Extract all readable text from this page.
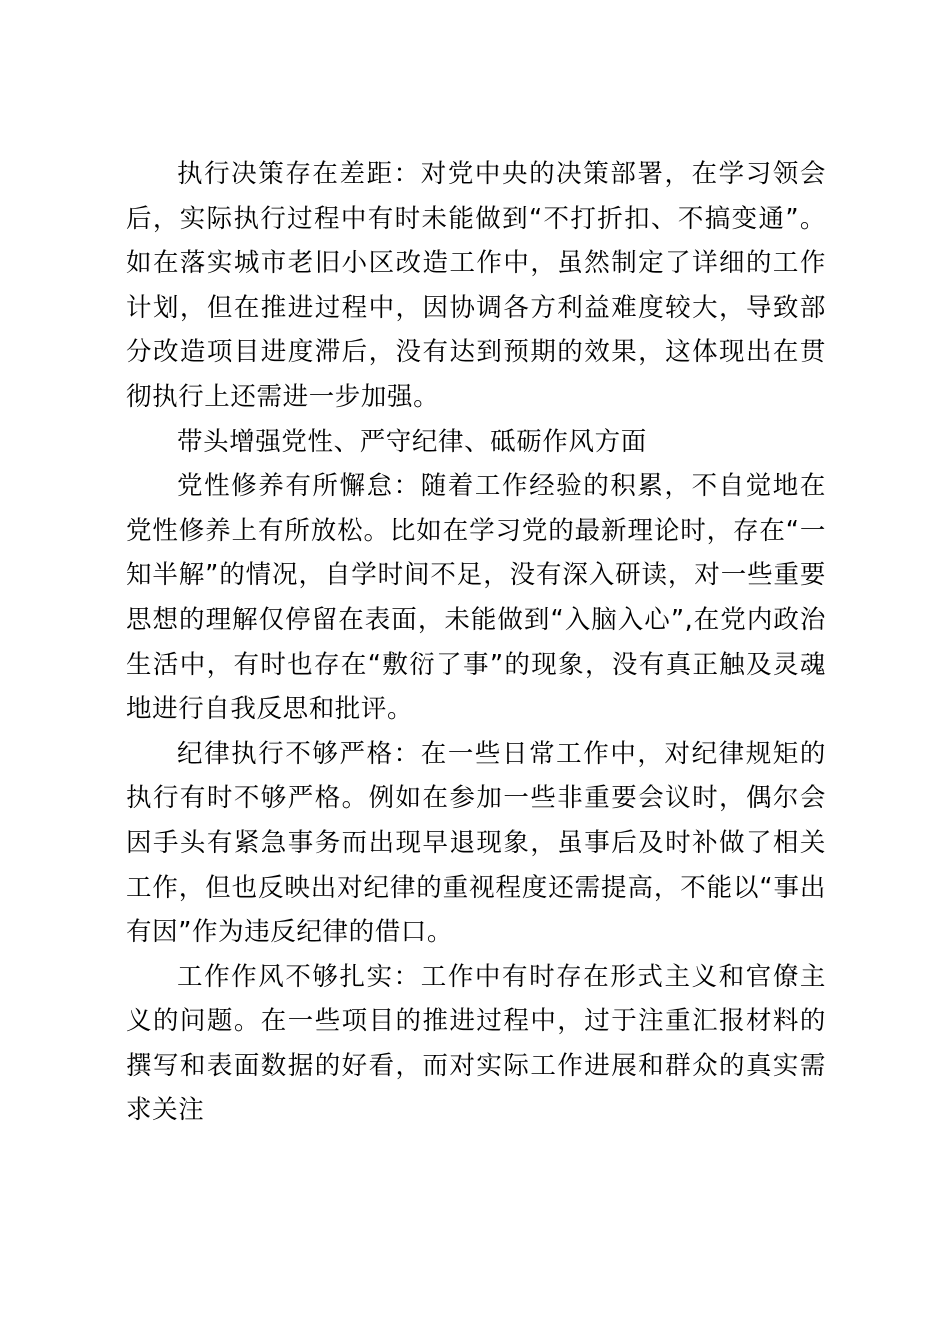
执行决策存在差距：对党中央的决策部署，在学习领会后，实际执行过程中有时未能做到“不打折扣、不搞变通”。如在落实城市老旧小区改造工作中，虽然制定了详细的工作计划，但在推进过程中，因协调各方利益难度较大，导致部分改造项目进度滞后，没有达到预期的效果，这体现出在贯彻执行上还需进一步加强。

带头增强党性、严守纪律、砥砺作风方面

党性修养有所懈怠：随着工作经验的积累，不自觉地在党性修养上有所放松。比如在学习党的最新理论时，存在“一知半解”的情况，自学时间不足，没有深入研读，对一些重要思想的理解仅停留在表面，未能做到“入脑入心”,在党内政治生活中，有时也存在“敷衍了事”的现象，没有真正触及灵魂地进行自我反思和批评。

纪律执行不够严格：在一些日常工作中，对纪律规矩的执行有时不够严格。例如在参加一些非重要会议时，偶尔会因手头有紧急事务而出现早退现象，虽事后及时补做了相关工作，但也反映出对纪律的重视程度还需提高，不能以“事出有因”作为违反纪律的借口。

工作作风不够扎实：工作中有时存在形式主义和官僚主义的问题。在一些项目的推进过程中，过于注重汇报材料的撰写和表面数据的好看，而对实际工作进展和群众的真实需求关注
